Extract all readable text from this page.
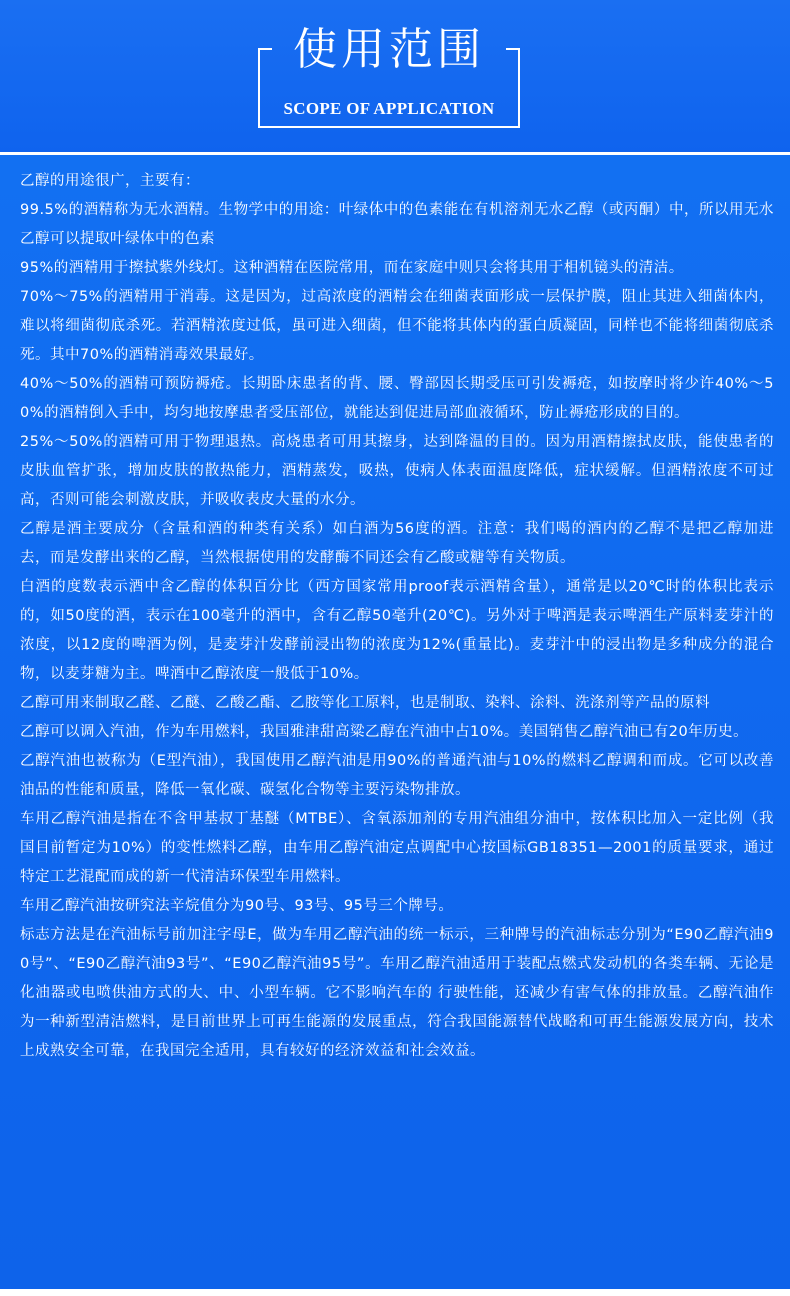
使用范围
SCOPE OF APPLICATION

乙醇的用途很广，主要有：

99.5%的酒精称为无水酒精。生物学中的用途：叶绿体中的色素能在有机溶剂无水乙醇（或丙酮）中，所以用无水乙醇可以提取叶绿体中的色素

95%的酒精用于擦拭紫外线灯。这种酒精在医院常用，而在家庭中则只会将其用于相机镜头的清洁。

70%～75%的酒精用于消毒。这是因为，过高浓度的酒精会在细菌表面形成一层保护膜，阻止其进入细菌体内，难以将细菌彻底杀死。若酒精浓度过低，虽可进入细菌，但不能将其体内的蛋白质凝固，同样也不能将细菌彻底杀死。其中70%的酒精消毒效果最好。

40%～50%的酒精可预防褥疮。长期卧床患者的背、腰、臀部因长期受压可引发褥疮，如按摩时将少许40%～50%的酒精倒入手中，均匀地按摩患者受压部位，就能达到促进局部血液循环，防止褥疮形成的目的。

25%～50%的酒精可用于物理退热。高烧患者可用其擦身，达到降温的目的。因为用酒精擦拭皮肤，能使患者的皮肤血管扩张，增加皮肤的散热能力，酒精蒸发，吸热，使病人体表面温度降低，症状缓解。但酒精浓度不可过高，否则可能会刺激皮肤，并吸收表皮大量的水分。

乙醇是酒主要成分（含量和酒的种类有关系）如白酒为56度的酒。注意：我们喝的酒内的乙醇不是把乙醇加进去，而是发酵出来的乙醇，当然根据使用的发酵酶不同还会有乙酸或糖等有关物质。

白酒的度数表示酒中含乙醇的体积百分比（西方国家常用proof表示酒精含量），通常是以20℃时的体积比表示的，如50度的酒，表示在100毫升的酒中，含有乙醇50毫升(20℃)。另外对于啤酒是表示啤酒生产原料麦芽汁的浓度，以12度的啤酒为例，是麦芽汁发酵前浸出物的浓度为12%(重量比)。麦芽汁中的浸出物是多种成分的混合物，以麦芽糖为主。啤酒中乙醇浓度一般低于10%。

乙醇可用来制取乙醛、乙醚、乙酸乙酯、乙胺等化工原料，也是制取、染料、涂料、洗涤剂等产品的原料

乙醇可以调入汽油，作为车用燃料，我国雅津甜高粱乙醇在汽油中占10%。美国销售乙醇汽油已有20年历史。

乙醇汽油也被称为（E型汽油），我国使用乙醇汽油是用90%的普通汽油与10%的燃料乙醇调和而成。它可以改善油品的性能和质量，降低一氧化碳、碳氢化合物等主要污染物排放。

车用乙醇汽油是指在不含甲基叔丁基醚（MTBE）、含氧添加剂的专用汽油组分油中，按体积比加入一定比例（我国目前暂定为10%）的变性燃料乙醇，由车用乙醇汽油定点调配中心按国标GB18351—2001的质量要求，通过特定工艺混配而成的新一代清洁环保型车用燃料。

车用乙醇汽油按研究法辛烷值分为90号、93号、95号三个牌号。

标志方法是在汽油标号前加注字母E，做为车用乙醇汽油的统一标示，三种牌号的汽油标志分别为“E90乙醇汽油90号”、“E90乙醇汽油93号”、“E90乙醇汽油95号”。车用乙醇汽油适用于装配点燃式发动机的各类车辆、无论是化油器或电喷供油方式的大、中、小型车辆。它不影响汽车的 行驶性能，还减少有害气体的排放量。乙醇汽油作为一种新型清洁燃料，是目前世界上可再生能源的发展重点，符合我国能源替代战略和可再生能源发展方向，技术上成熟安全可靠，在我国完全适用，具有较好的经济效益和社会效益。
